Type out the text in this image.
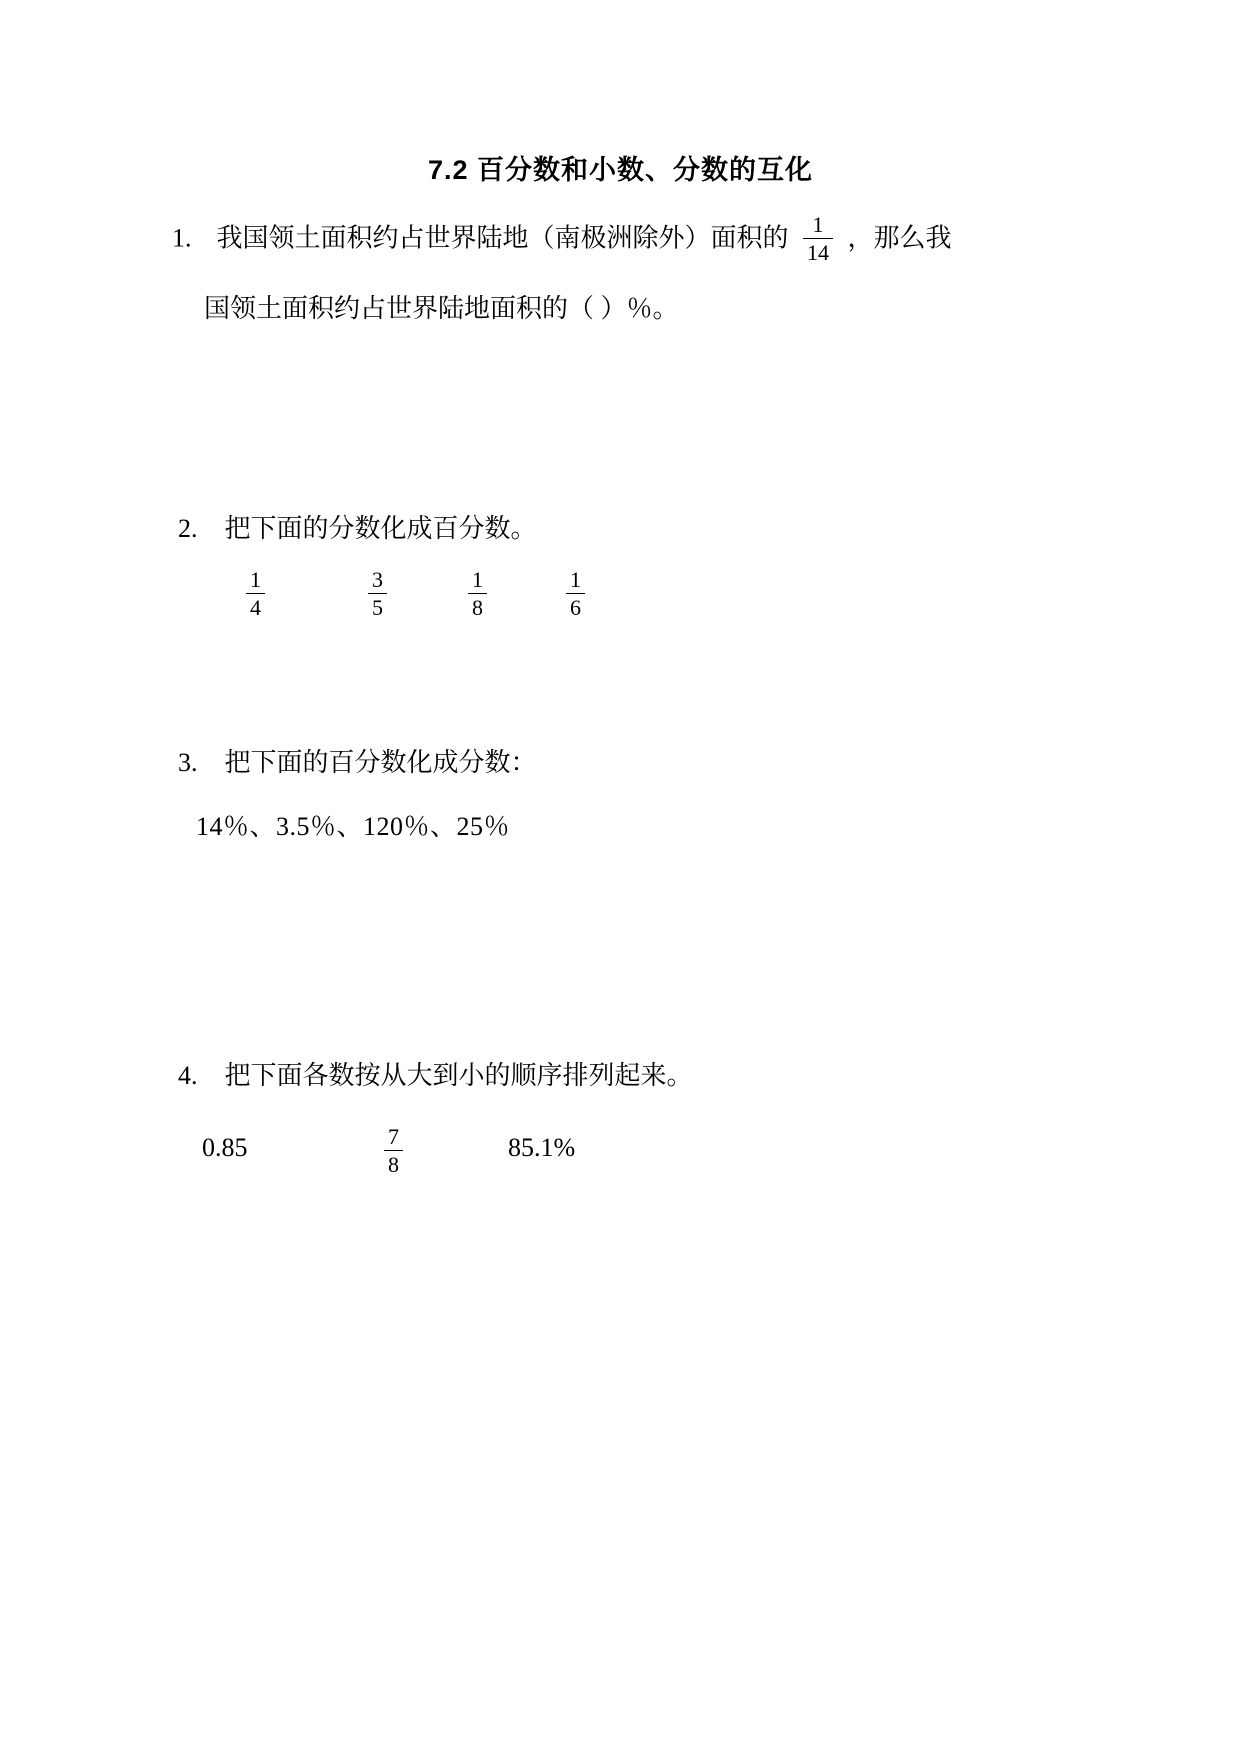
7.2 百分数和小数、分数的互化
1. 我国领土面积约占世界陆地（南极洲除外）面积的 $\frac{1}{14}$ ，那么我
国领土面积约占世界陆地面积的（ ）％。
2. 把下面的分数化成百分数。
1
4
3
5
1
8
1
6
3. 把下面的百分数化成分数：
14％、3.5％、120％、25％
4. 把下面各数按从大到小的顺序排列起来。
0.85	7
8
85.1%
